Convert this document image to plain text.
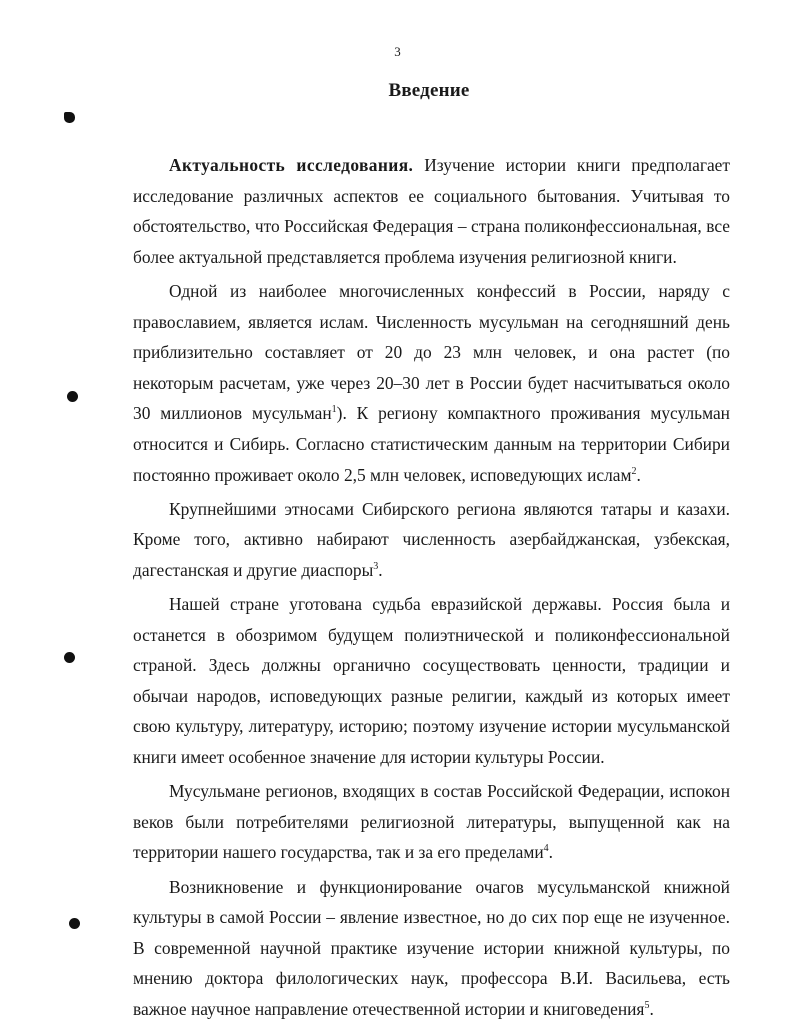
3
Введение

Актуальность исследования. Изучение истории книги предполагает исследование различных аспектов ее социального бытования. Учитывая то обстоятельство, что Российская Федерация – страна поликонфессиональная, все более актуальной представляется проблема изучения религиозной книги.

Одной из наиболее многочисленных конфессий в России, наряду с православием, является ислам. Численность мусульман на сегодняшний день приблизительно составляет от 20 до 23 млн человек, и она растет (по некоторым расчетам, уже через 20–30 лет в России будет насчитываться около 30 миллионов мусульман$^1$). К региону компактного проживания мусульман относится и Сибирь. Согласно статистическим данным на территории Сибири постоянно проживает около 2,5 млн человек, исповедующих ислам$^2$.

Крупнейшими этносами Сибирского региона являются татары и казахи. Кроме того, активно набирают численность азербайджанская, узбекская, дагестанская и другие диаспоры$^3$.

Нашей стране уготована судьба евразийской державы. Россия была и останется в обозримом будущем полиэтнической и поликонфессиональной страной. Здесь должны органично сосуществовать ценности, традиции и обычаи народов, исповедующих разные религии, каждый из которых имеет свою культуру, литературу, историю; поэтому изучение истории мусульманской книги имеет особенное значение для истории культуры России.

Мусульмане регионов, входящих в состав Российской Федерации, испокон веков были потребителями религиозной литературы, выпущенной как на территории нашего государства, так и за его пределами$^4$.

Возникновение и функционирование очагов мусульманской книжной культуры в самой России – явление известное, но до сих пор еще не изученное. В современной научной практике изучение истории книжной культуры, по мнению доктора филологических наук, профессора В.И. Васильева, есть важное научное направление отечественной истории и книговедения$^5$.
